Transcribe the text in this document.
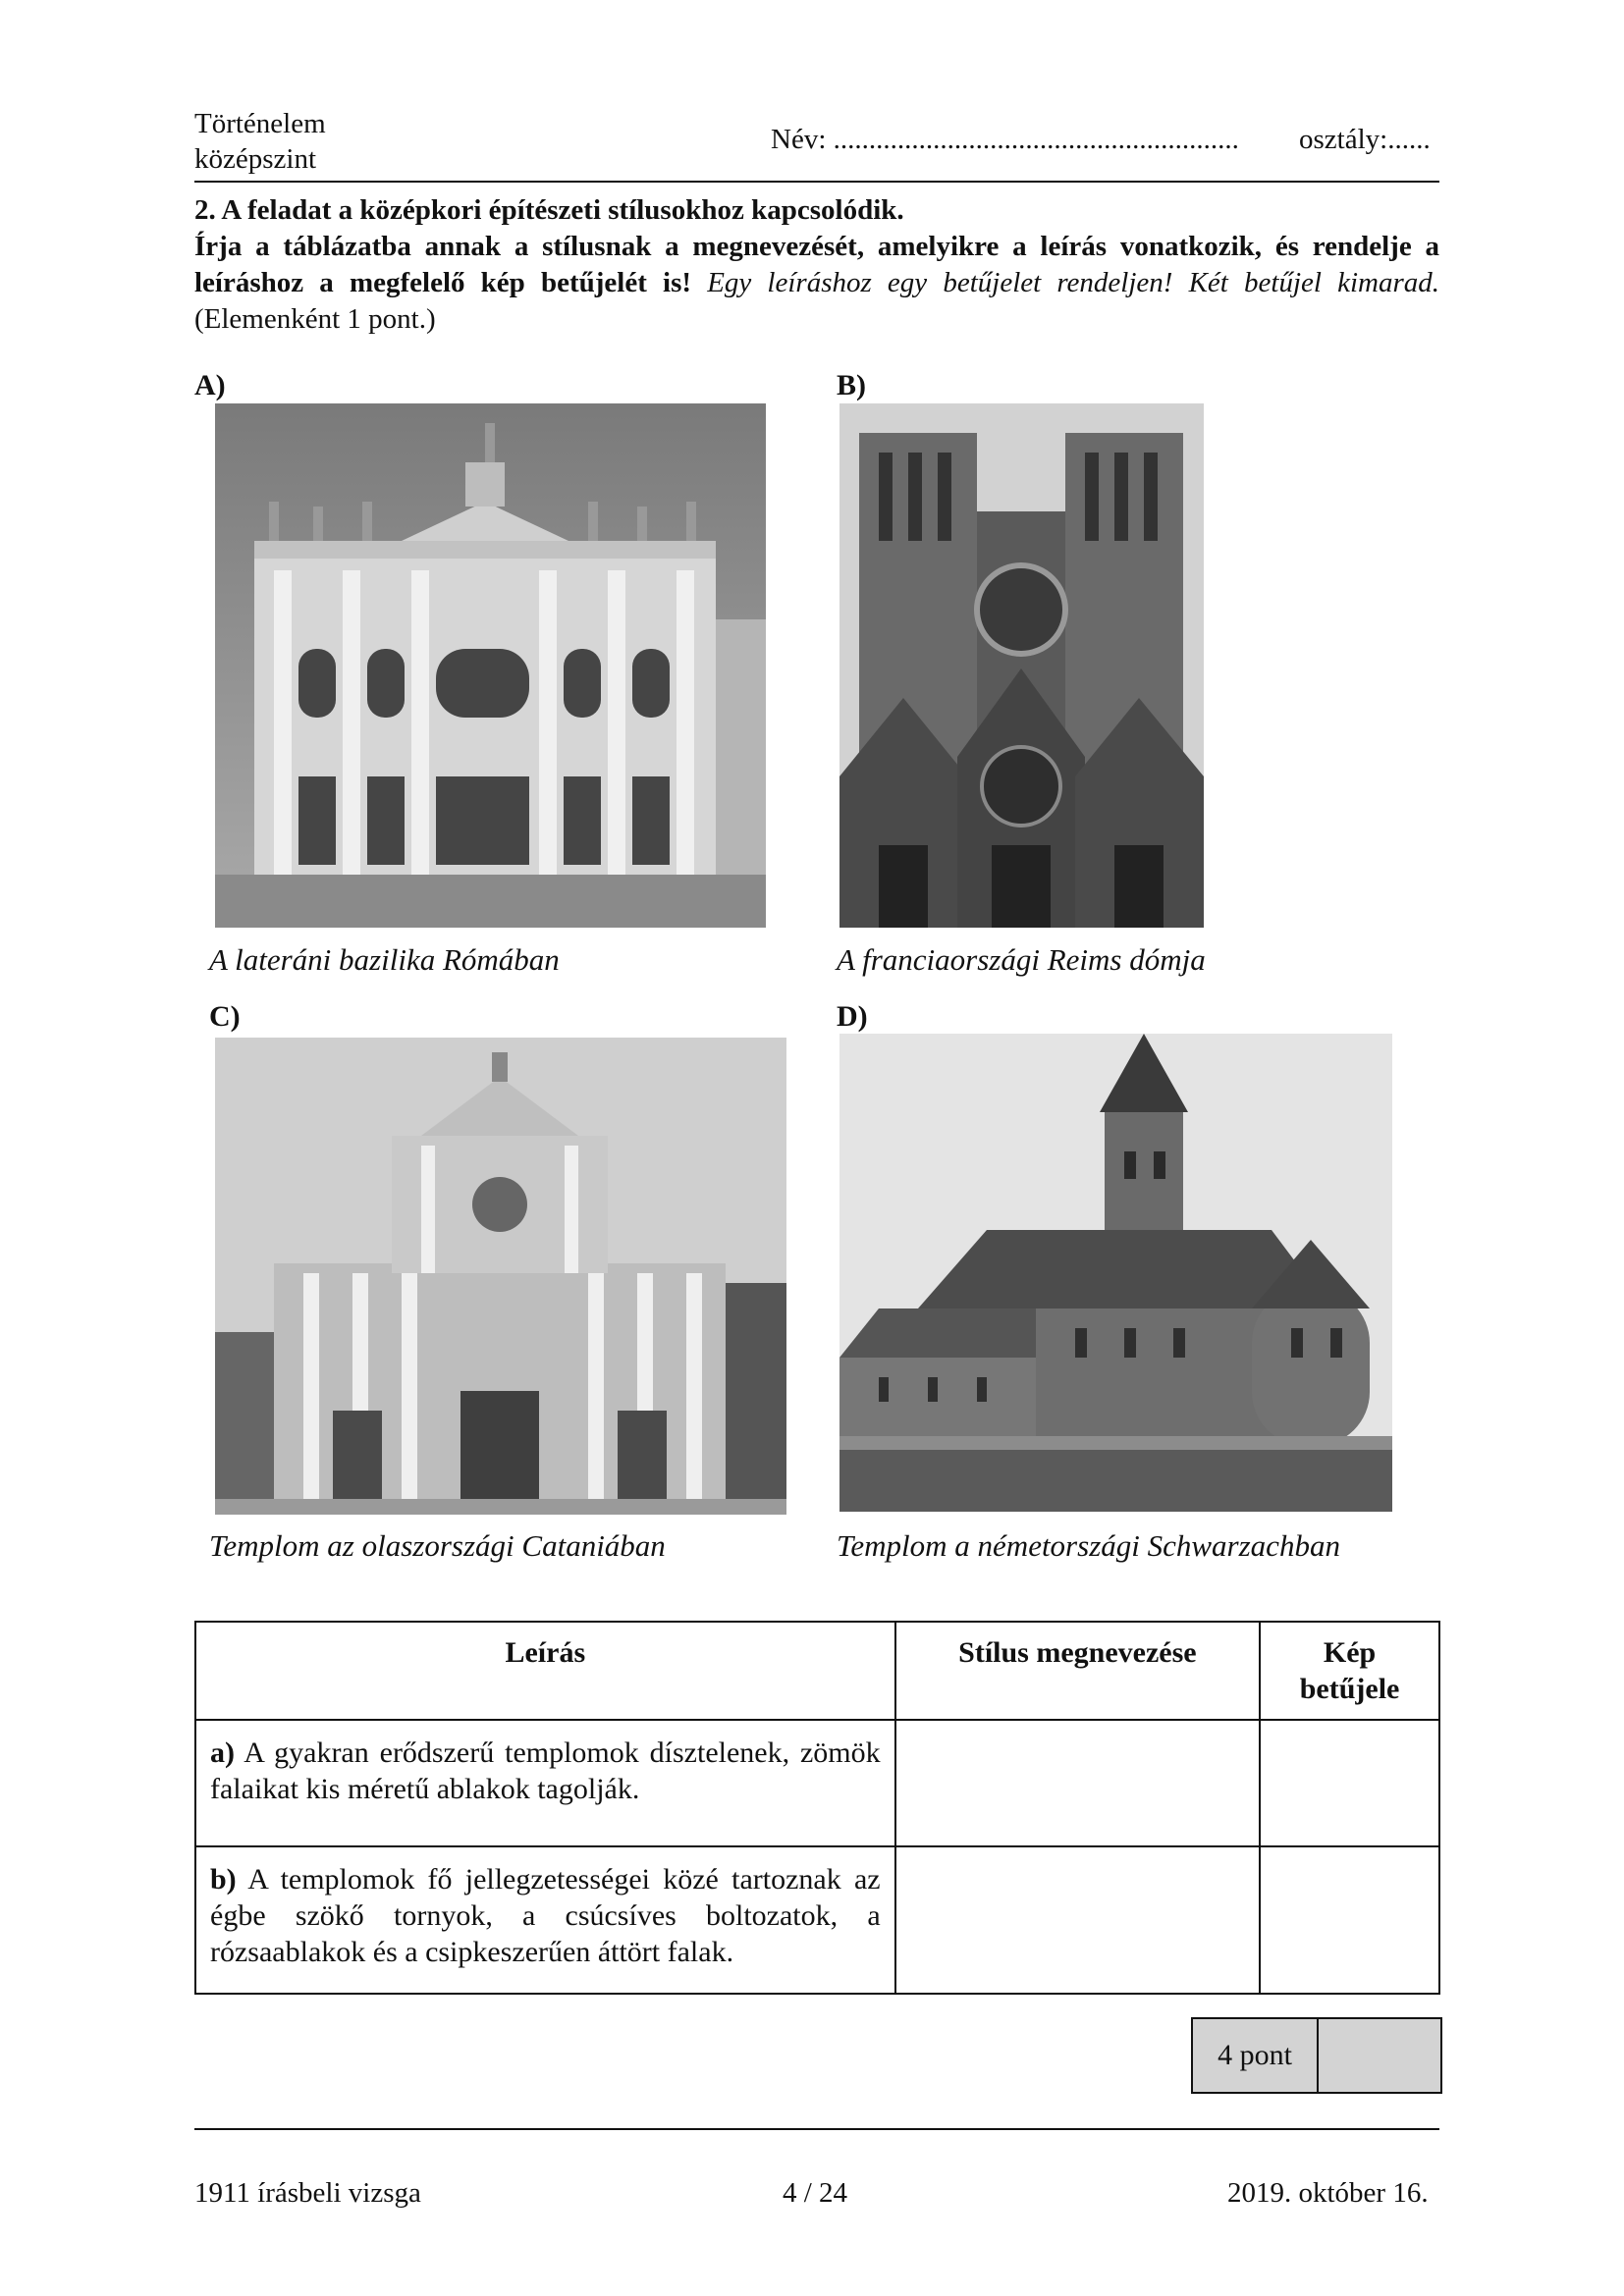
Történelem
középszint
Név: ......................................................... osztály:......
2. A feladat a középkori építészeti stílusokhoz kapcsolódik.
Írja a táblázatba annak a stílusnak a megnevezését, amelyikre a leírás vonatkozik, és rendelje a leíráshoz a megfelelő kép betűjelét is! Egy leíráshoz egy betűjelet rendeljen! Két betűjel kimarad. (Elemenként 1 pont.)
A)
A lateráni bazilika Rómában
B)
A franciaországi Reims dómja
C)
Templom az olaszországi Cataniában
D)
Templom a németországi Schwarzachban
Leírás	Stílus megnevezése	Kép betűjele
a) A gyakran erődszerű templomok dísztelenek, zömök falaikat kis méretű ablakok tagolják.		
b) A templomok fő jellegzetességei közé tartoznak az égbe szökő tornyok, a csúcsíves boltozatok, a rózsaablakok és a csipkeszerűen áttört falak.		
4 pont	
1911 írásbeli vizsga	4 / 24	2019. október 16.
